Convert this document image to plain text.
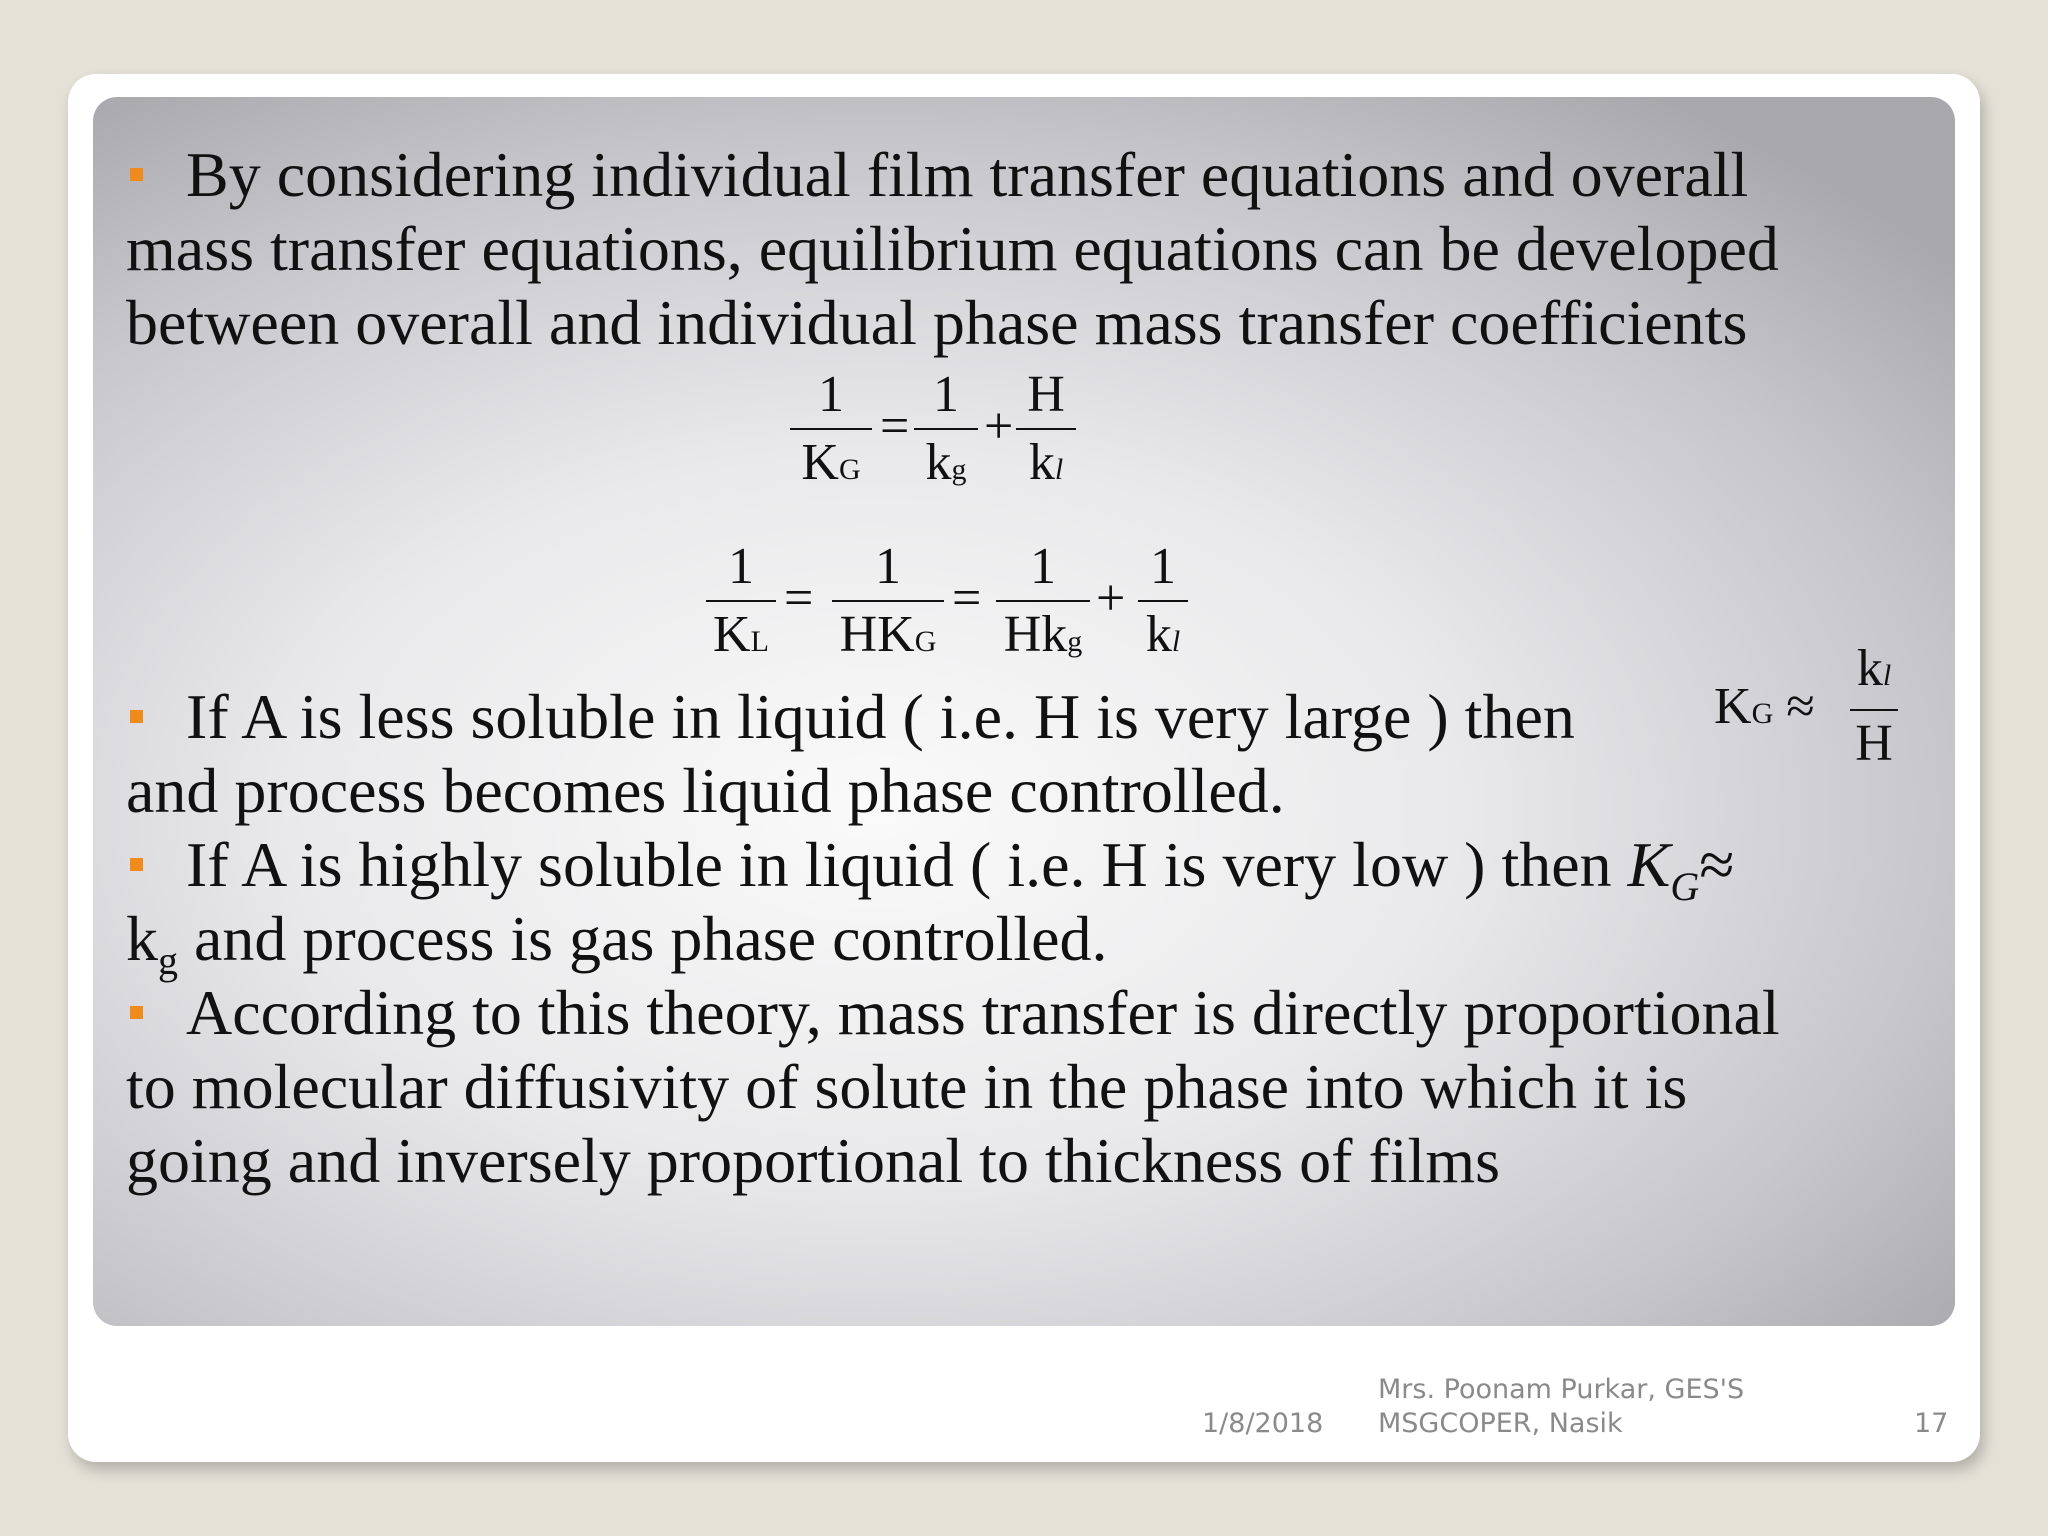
By considering individual film transfer equations and overall

mass transfer equations, equilibrium equations can be developed

between overall and individual phase mass transfer coefficients

1
KG
=
1
kg
+
H
kl
1
KL
=
1
HKG
=
1
Hkg
+
1
kl

If A is less soluble in liquid ( i.e. H is very large ) then

and process becomes liquid phase controlled.

KG ≈
kl
H

If A is highly soluble in liquid ( i.e. H is very low ) then $K_G\approx$

$k_g$ and process is gas phase controlled.

According to this theory, mass transfer is directly proportional

to molecular diffusivity of solute in the phase into which it is

going and inversely proportional to thickness of films

1/8/2018
Mrs. Poonam Purkar, GES'S
MSGCOPER, Nasik	17
